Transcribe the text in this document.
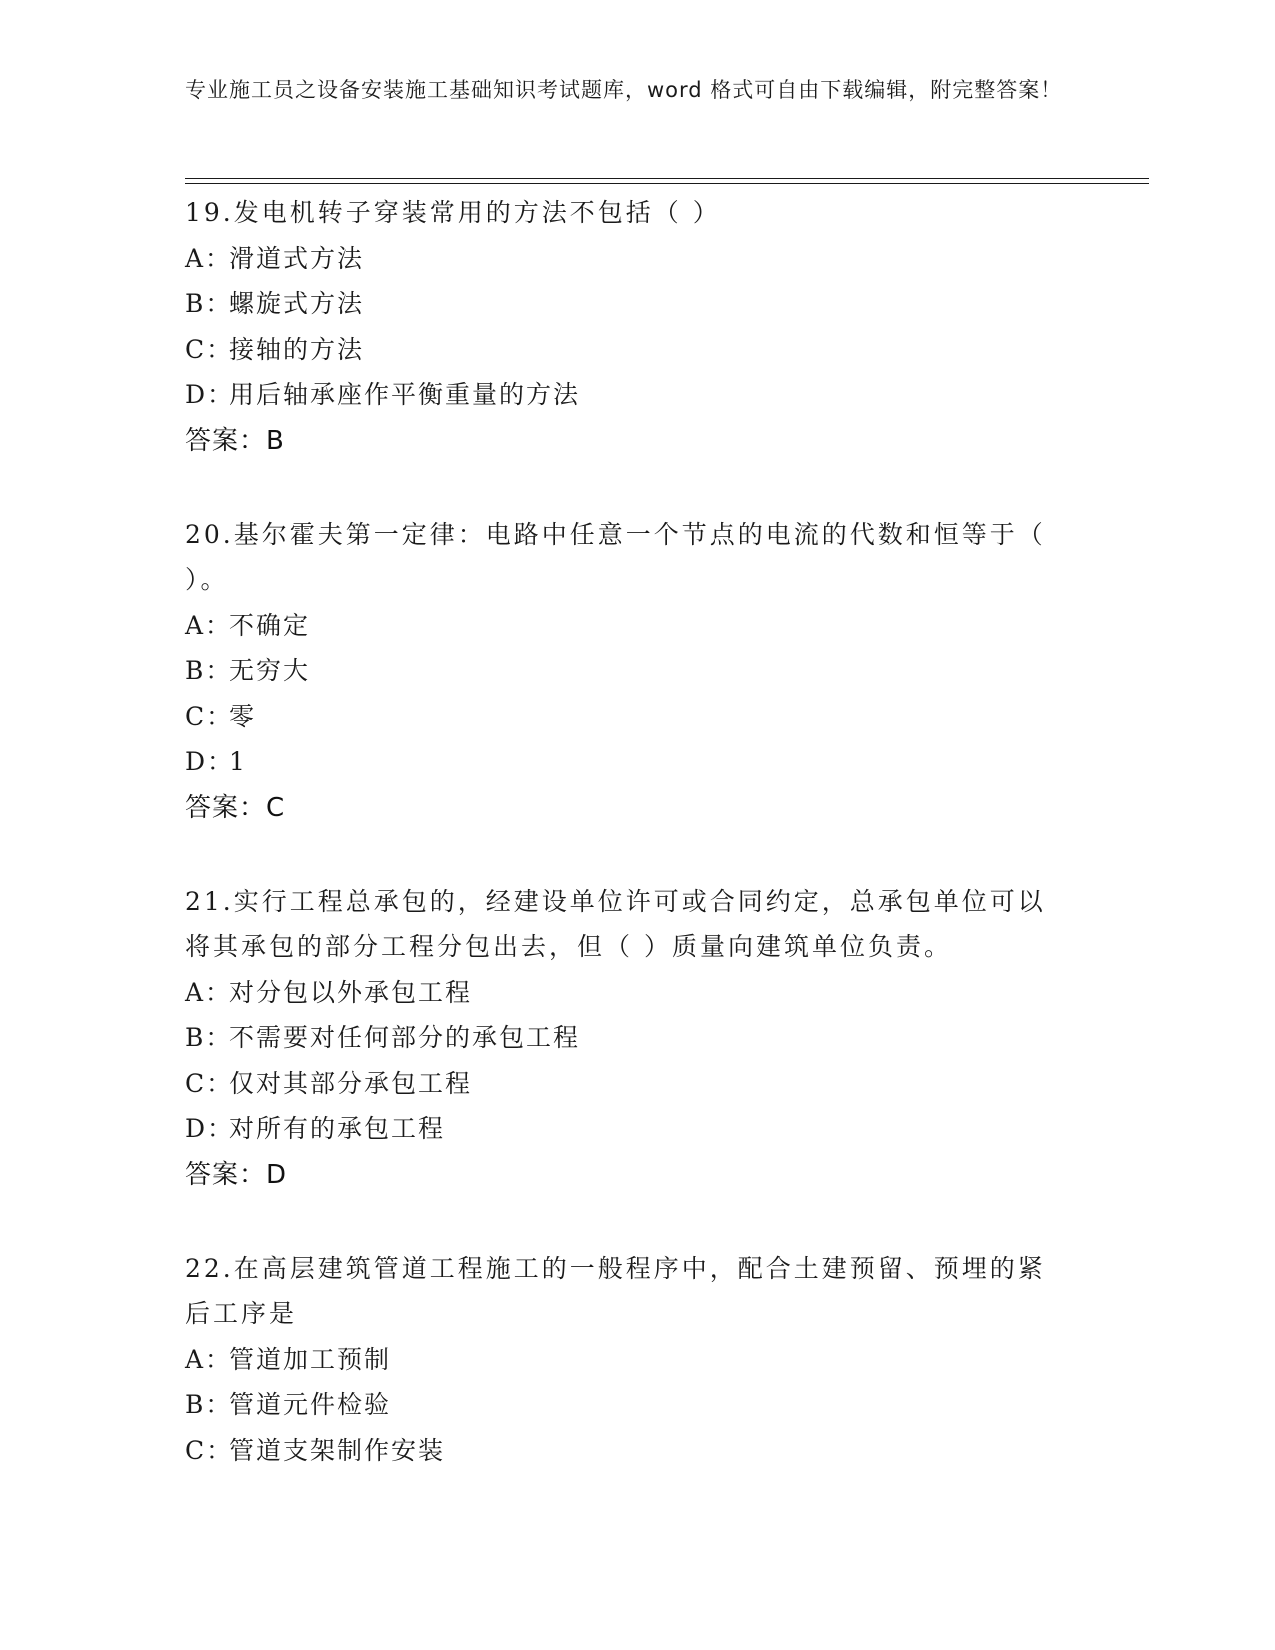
专业施工员之设备安装施工基础知识考试题库，word 格式可自由下载编辑，附完整答案！
19.发电机转子穿装常用的方法不包括（ ）
A：
滑道式方法
B：
螺旋式方法
C：
接轴的方法
D：
用后轴承座作平衡重量的方法
答案：B
20.基尔霍夫第一定律：电路中任意一个节点的电流的代数和恒等于（ ）。
A：
不确定
B：
无穷大
C：
零
D：
1
答案：C
21.实行工程总承包的，经建设单位许可或合同约定，总承包单位可以将其承包的部分工程分包出去，但（ ）质量向建筑单位负责。
A：
对分包以外承包工程
B：
不需要对任何部分的承包工程
C：
仅对其部分承包工程
D：
对所有的承包工程
答案：D
22.在高层建筑管道工程施工的一般程序中，配合土建预留、预埋的紧后工序是
A：
管道加工预制
B：
管道元件检验
C：
管道支架制作安装
